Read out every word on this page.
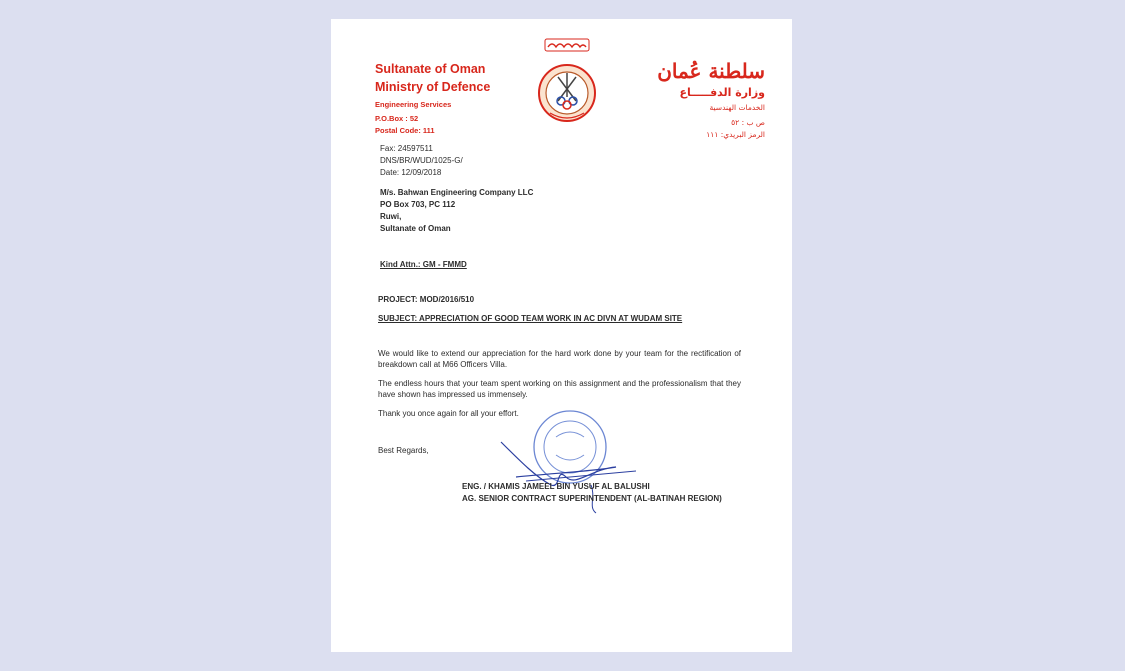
Sultanate of Oman
Ministry of Defence
Engineering Services
P.O.Box : 52
Postal Code: 111
سلطنة عُمان
وزارة الدفـــــاع
الخدمات الهندسية
ص ب : ٥٢
الرمز البريدي: ١١١
Fax: 24597511
DNS/BR/WUD/1025-G/
Date: 12/09/2018
M/s. Bahwan Engineering Company LLC
PO Box 703, PC 112
Ruwi,
Sultanate of Oman
Kind Attn.: GM - FMMD
PROJECT: MOD/2016/510
SUBJECT: APPRECIATION OF GOOD TEAM WORK IN AC DIVN AT WUDAM SITE
We would like to extend our appreciation for the hard work done by your team for the rectification of breakdown call at M66 Officers Villa.
The endless hours that your team spent working on this assignment and the professionalism that they have shown has impressed us immensely.
Thank you once again for all your effort.
Best Regards,
ENG. / KHAMIS JAMEEL BIN YUSUF AL BALUSHI
AG. SENIOR CONTRACT SUPERINTENDENT (AL-BATINAH REGION)
